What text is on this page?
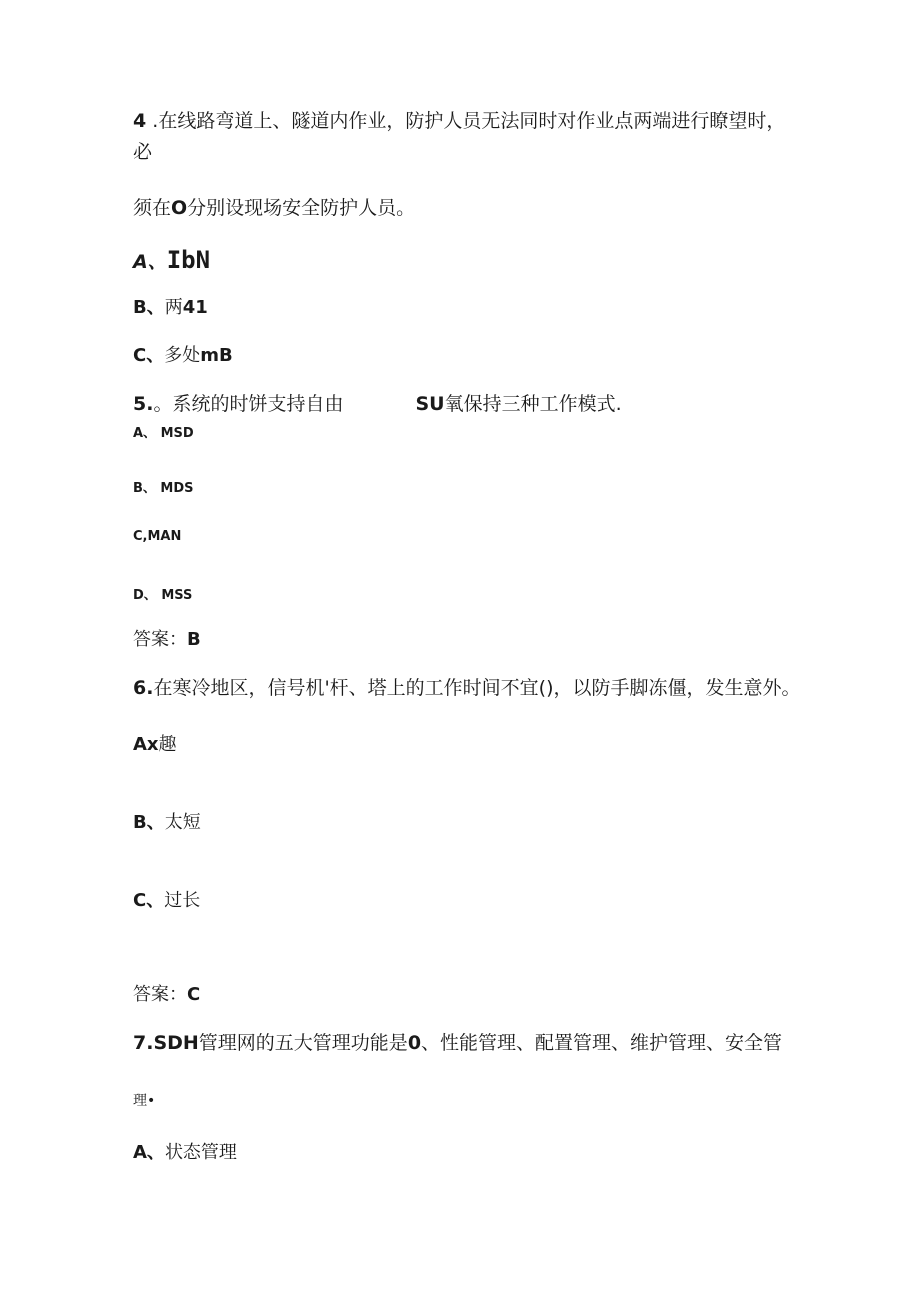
4 .在线路弯道上、隧道内作业，防护人员无法同时对作业点两端进行瞭望时，
必
须在O分别设现场安全防护人员。
A、IbN
B、两41
C、多处mB
5.。系统的时饼支持自由	SU氧保持三种工作模式.
A、 MSD
B、 MDS
C,MAN
D、 MSS
答案：B
6.在寒冷地区，信号机'杆、塔上的工作时间不宜()，以防手脚冻僵，发生意外。
Ax趣
B、太短
C、过长
答案：C
7.SDH管理网的五大管理功能是0、性能管理、配置管理、维护管理、安全管
理•
A、状态管理
